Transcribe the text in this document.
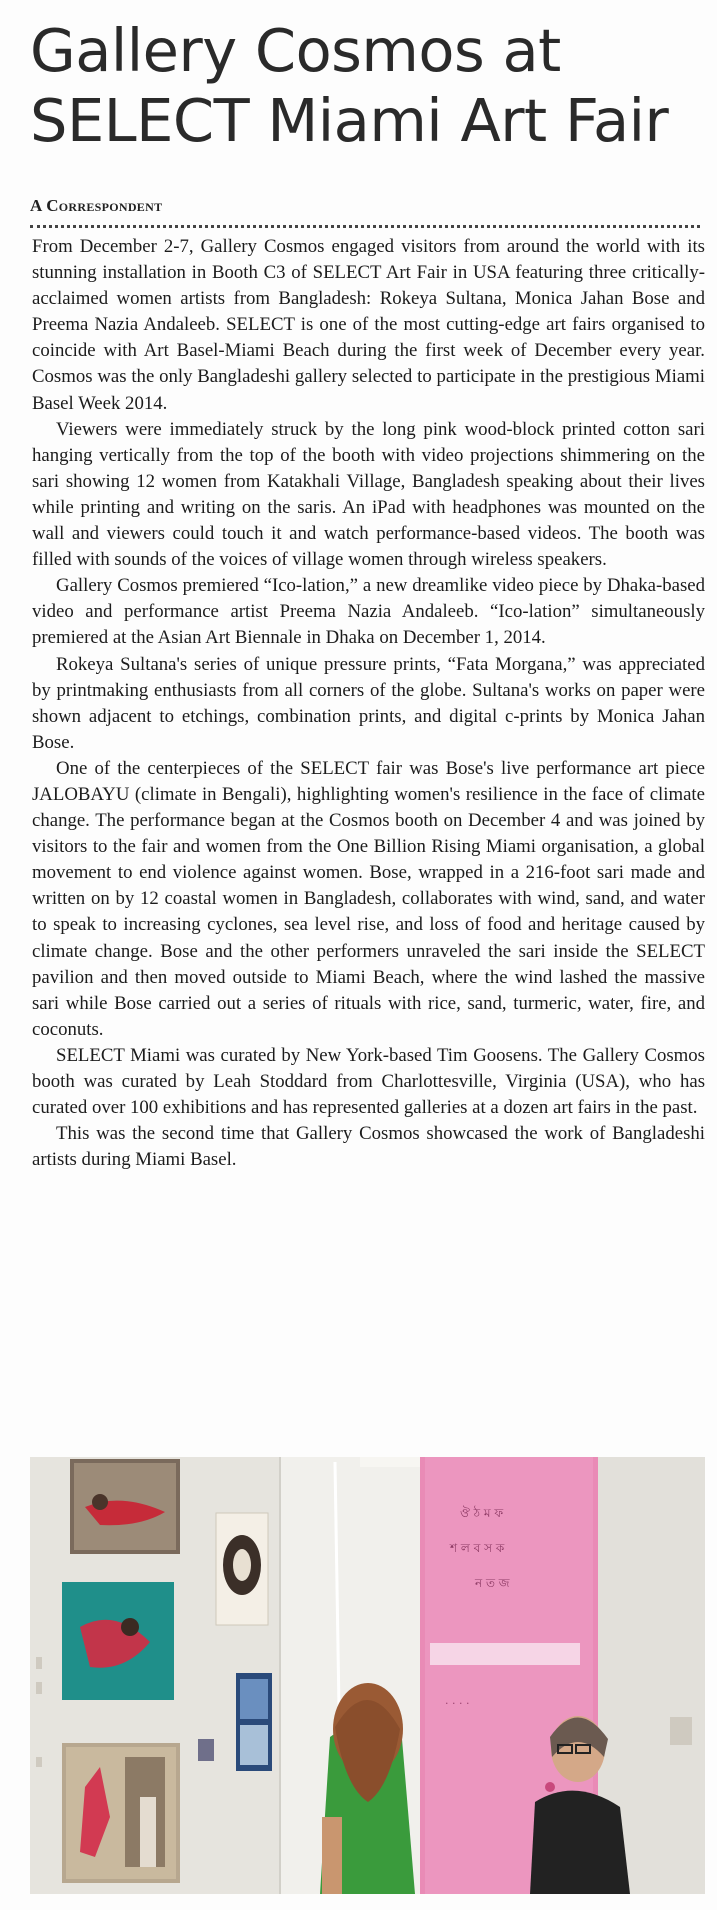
Gallery Cosmos at SELECT Miami Art Fair
A Correspondent

From December 2-7, Gallery Cosmos engaged visitors from around the world with its stunning installation in Booth C3 of SELECT Art Fair in USA featuring three critically-acclaimed women artists from Bangladesh: Rokeya Sultana, Monica Jahan Bose and Preema Nazia Andaleeb. SELECT is one of the most cutting-edge art fairs organised to coincide with Art Basel-Miami Beach during the first week of December every year. Cosmos was the only Bangladeshi gallery selected to participate in the prestigious Miami Basel Week 2014.

Viewers were immediately struck by the long pink wood-block printed cotton sari hanging vertically from the top of the booth with video projections shimmering on the sari showing 12 women from Katakhali Village, Bangladesh speaking about their lives while printing and writing on the saris. An iPad with headphones was mounted on the wall and viewers could touch it and watch performance-based videos. The booth was filled with sounds of the voices of village women through wireless speakers.

Gallery Cosmos premiered “Ico-lation,” a new dreamlike video piece by Dhaka-based video and performance artist Preema Nazia Andaleeb. “Ico-lation” simultaneously premiered at the Asian Art Biennale in Dhaka on December 1, 2014.

Rokeya Sultana's series of unique pressure prints, “Fata Morgana,” was appreciated by printmaking enthusiasts from all corners of the globe. Sultana's works on paper were shown adjacent to etchings, combination prints, and digital c-prints by Monica Jahan Bose.

One of the centerpieces of the SELECT fair was Bose's live performance art piece JALOBAYU (climate in Bengali), highlighting women's resilience in the face of climate change. The performance began at the Cosmos booth on December 4 and was joined by visitors to the fair and women from the One Billion Rising Miami organisation, a global movement to end violence against women. Bose, wrapped in a 216-foot sari made and written on by 12 coastal women in Bangladesh, collaborates with wind, sand, and water to speak to increasing cyclones, sea level rise, and loss of food and heritage caused by climate change. Bose and the other performers unraveled the sari inside the SELECT pavilion and then moved outside to Miami Beach, where the wind lashed the massive sari while Bose carried out a series of rituals with rice, sand, turmeric, water, fire, and coconuts.

SELECT Miami was curated by New York-based Tim Goosens. The Gallery Cosmos booth was curated by Leah Stoddard from Charlottesville, Virginia (USA), who has curated over 100 exhibitions and has represented galleries at a dozen art fairs in the past.

This was the second time that Gallery Cosmos showcased the work of Bangladeshi artists during Miami Basel.

ঔ ঠ ম ফ
শ ল ব স ক
ন ত জ
· · · ·
